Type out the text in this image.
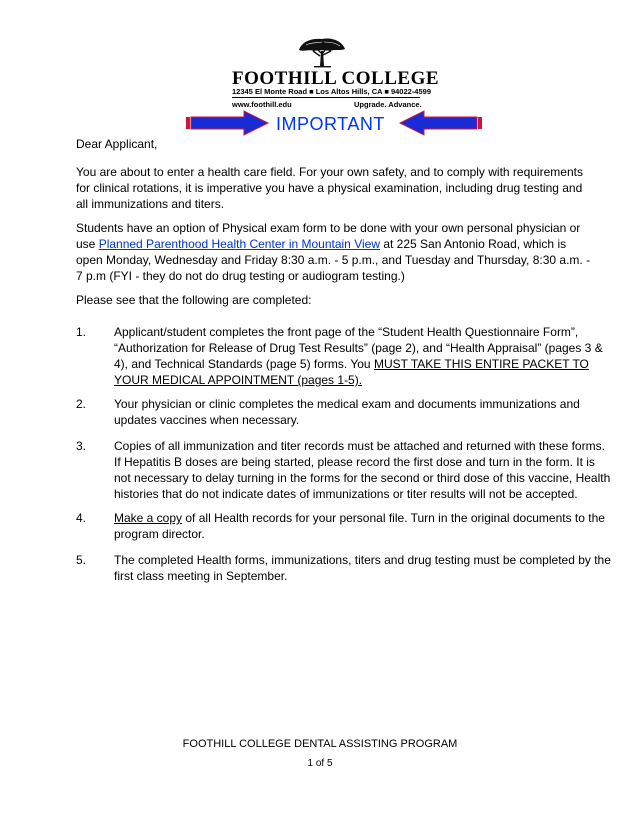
FOOTHILL COLLEGE
12345 El Monte Road ■ Los Altos Hills, CA ■ 94022-4599
www.foothill.edu	Upgrade. Advance.
IMPORTANT
Dear Applicant,
You are about to enter a health care field. For your own safety, and to comply with requirements for clinical rotations, it is imperative you have a physical examination, including drug testing and all immunizations and titers.
Students have an option of Physical exam form to be done with your own personal physician or use Planned Parenthood Health Center in Mountain View at 225 San Antonio Road, which is open Monday, Wednesday and Friday 8:30 a.m. - 5 p.m., and Tuesday and Thursday, 8:30 a.m. - 7 p.m (FYI - they do not do drug testing or audiogram testing.)
Please see that the following are completed:
1. Applicant/student completes the front page of the “Student Health Questionnaire Form”, “Authorization for Release of Drug Test Results” (page 2), and “Health Appraisal” (pages 3 & 4), and Technical Standards (page 5) forms. You MUST TAKE THIS ENTIRE PACKET TO YOUR MEDICAL APPOINTMENT (pages 1-5).
2. Your physician or clinic completes the medical exam and documents immunizations and updates vaccines when necessary.
3. Copies of all immunization and titer records must be attached and returned with these forms. If Hepatitis B doses are being started, please record the first dose and turn in the form. It is not necessary to delay turning in the forms for the second or third dose of this vaccine, Health histories that do not indicate dates of immunizations or titer results will not be accepted.
4. Make a copy of all Health records for your personal file. Turn in the original documents to the program director.
5. The completed Health forms, immunizations, titers and drug testing must be completed by the first class meeting in September.
FOOTHILL COLLEGE DENTAL ASSISTING PROGRAM
1 of 5
